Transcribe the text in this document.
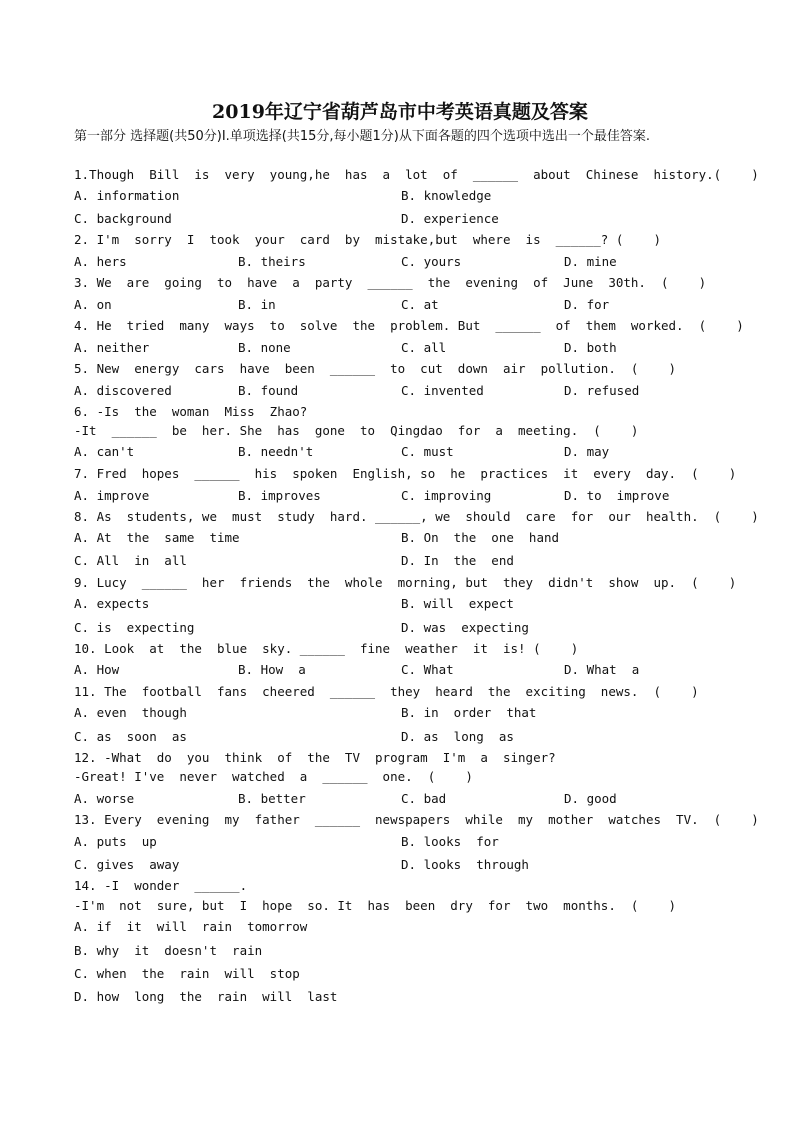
2019年辽宁省葫芦岛市中考英语真题及答案
第一部分 选择题(共50分)Ⅰ.单项选择(共15分,每小题1分)从下面各题的四个选项中选出一个最佳答案.
1.Though  Bill  is  very  young,he  has  a  lot  of  ______  about  Chinese  history.(    )
A. information	B. knowledge
C. background	D. experience
2. I'm  sorry  I  took  your  card  by  mistake,but  where  is  ______? (    )
A. hers	B. theirs	C. yours	D. mine
3. We  are  going  to  have  a  party  ______  the  evening  of  June  30th.  (    )
A. on	B. in	C. at	D. for
4. He  tried  many  ways  to  solve  the  problem. But  ______  of  them  worked.  (    )
A. neither	B. none	C. all	D. both
5. New  energy  cars  have  been  ______  to  cut  down  air  pollution.  (    )
A. discovered	B. found	C. invented	D. refused
6. -Is  the  woman  Miss  Zhao?
-It  ______  be  her. She  has  gone  to  Qingdao  for  a  meeting.  (    )
A. can't	B. needn't	C. must	D. may
7. Fred  hopes  ______  his  spoken  English, so  he  practices  it  every  day.  (    )
A. improve	B. improves	C. improving	D. to  improve
8. As  students, we  must  study  hard. ______, we  should  care  for  our  health.  (    )
A. At  the  same  time	B. On  the  one  hand
C. All  in  all	D. In  the  end
9. Lucy  ______  her  friends  the  whole  morning, but  they  didn't  show  up.  (    )
A. expects	B. will  expect
C. is  expecting	D. was  expecting
10. Look  at  the  blue  sky. ______  fine  weather  it  is! (    )
A. How	B. How  a	C. What	D. What  a
11. The  football  fans  cheered  ______  they  heard  the  exciting  news.  (    )
A. even  though	B. in  order  that
C. as  soon  as	D. as  long  as
12. -What  do  you  think  of  the  TV  program  I'm  a  singer?
-Great! I've  never  watched  a  ______  one.  (    )
A. worse	B. better	C. bad	D. good
13. Every  evening  my  father  ______  newspapers  while  my  mother  watches  TV.  (    )
A. puts  up	B. looks  for
C. gives  away	D. looks  through
14. -I  wonder  ______.
-I'm  not  sure, but  I  hope  so. It  has  been  dry  for  two  months.  (    )
A. if  it  will  rain  tomorrow
B. why  it  doesn't  rain
C. when  the  rain  will  stop
D. how  long  the  rain  will  last
